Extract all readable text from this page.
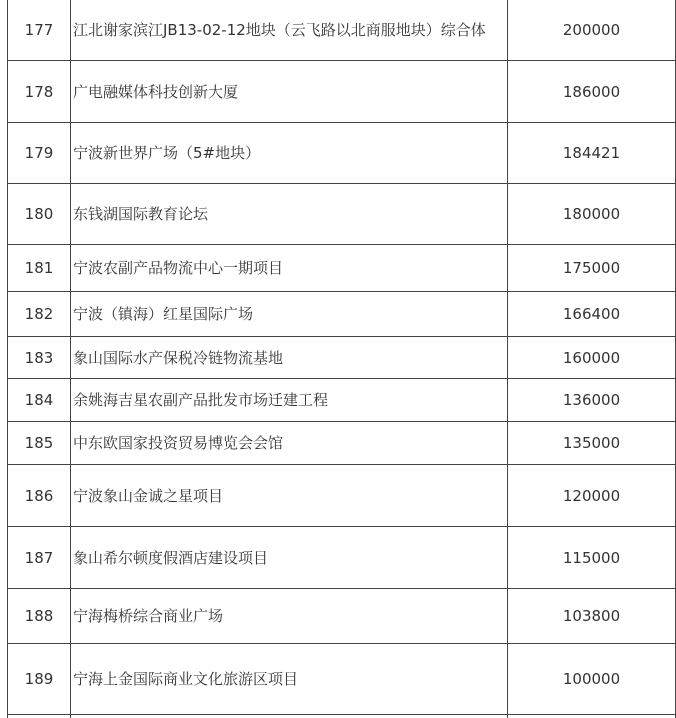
177	江北谢家滨江JB13-02-12地块（云飞路以北商服地块）综合体	200000
178	广电融媒体科技创新大厦	186000
179	宁波新世界广场（5#地块）	184421
180	东钱湖国际教育论坛	180000
181	宁波农副产品物流中心一期项目	175000
182	宁波（镇海）红星国际广场	166400
183	象山国际水产保税冷链物流基地	160000
184	余姚海吉星农副产品批发市场迁建工程	136000
185	中东欧国家投资贸易博览会会馆	135000
186	宁波象山金诚之星项目	120000
187	象山希尔顿度假酒店建设项目	115000
188	宁海梅桥综合商业广场	103800
189	宁海上金国际商业文化旅游区项目	100000
